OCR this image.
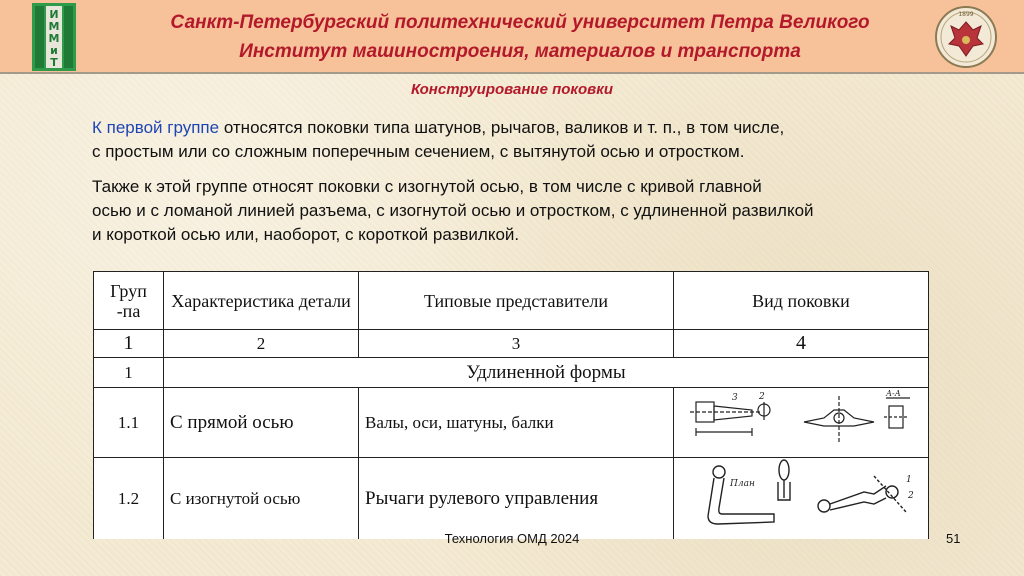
И
М
М
и
Т
Санкт-Петербургский политехнический университет Петра Великого
Институт машиностроения, материалов и транспорта
1899
Конструирование поковки
К первой группе относятся поковки типа шатунов, рычагов, валиков и т. п., в том числе,
с простым или со сложным поперечным сечением, с вытянутой осью и отростком.
Также к этой группе относят поковки с изогнутой осью, в том числе с кривой главной
осью и с ломаной линией разъема, с изогнутой осью и отростком, с удлиненной развилкой
и короткой осью или, наоборот, с короткой развилкой.
Груп -па	Характеристика детали	Типовые представители	Вид поковки
1	2	3	4
1	Удлиненной формы		
1.1	С прямой осью	Валы, оси, шатуны, балки	3 2 А-А

1.2	С изогнутой осью	Рычаги рулевого управления	План 1
2
Технология ОМД 2024	51
